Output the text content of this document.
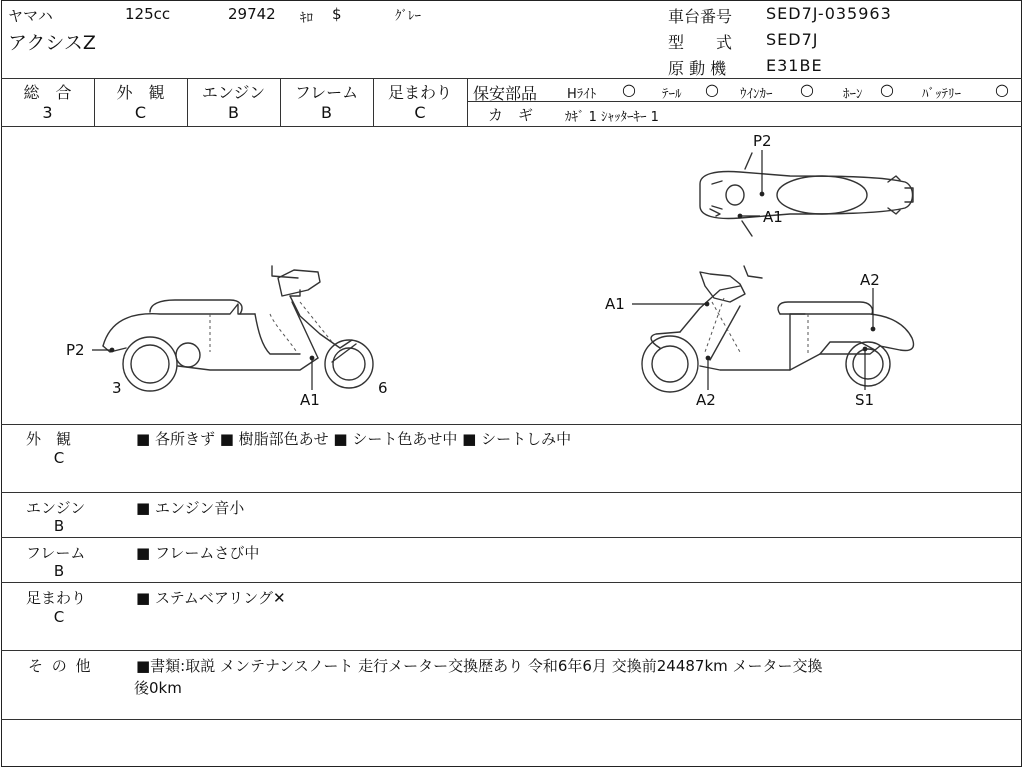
ヤマハ	125cc	29742 ｷﾛ $	ｸﾞﾚｰ
アクシスZ
車台番号 SED7J-035963
型　　式 SED7J
原 動 機 E31BE
総　合
3
外　観
C
エンジン
B
フレーム
B
足まわり
C
保安部品 Hﾗｲﾄ ○ ﾃｰﾙ ○ ｳｲﾝｶｰ ○ ﾎｰﾝ ○ ﾊﾞｯﾃﾘｰ ○
カ　ギ ｶｷﾞ 1 ｼｬｯﾀｰｷｰ 1
P2
A1
P2
3	6
A1
A1
A2
A2	S1
外　観
C
■ 各所きず ■ 樹脂部色あせ ■ シート色あせ中 ■ シートしみ中
エンジン
B
■ エンジン音小
フレーム
B
■ フレームさび中
足まわり
C
■ ステムベアリング✕
そ の 他	■書類:取説 メンテナンスノート 走行メーター交換歴あり 令和6年6月 交換前24487km メーター交換
後0km
